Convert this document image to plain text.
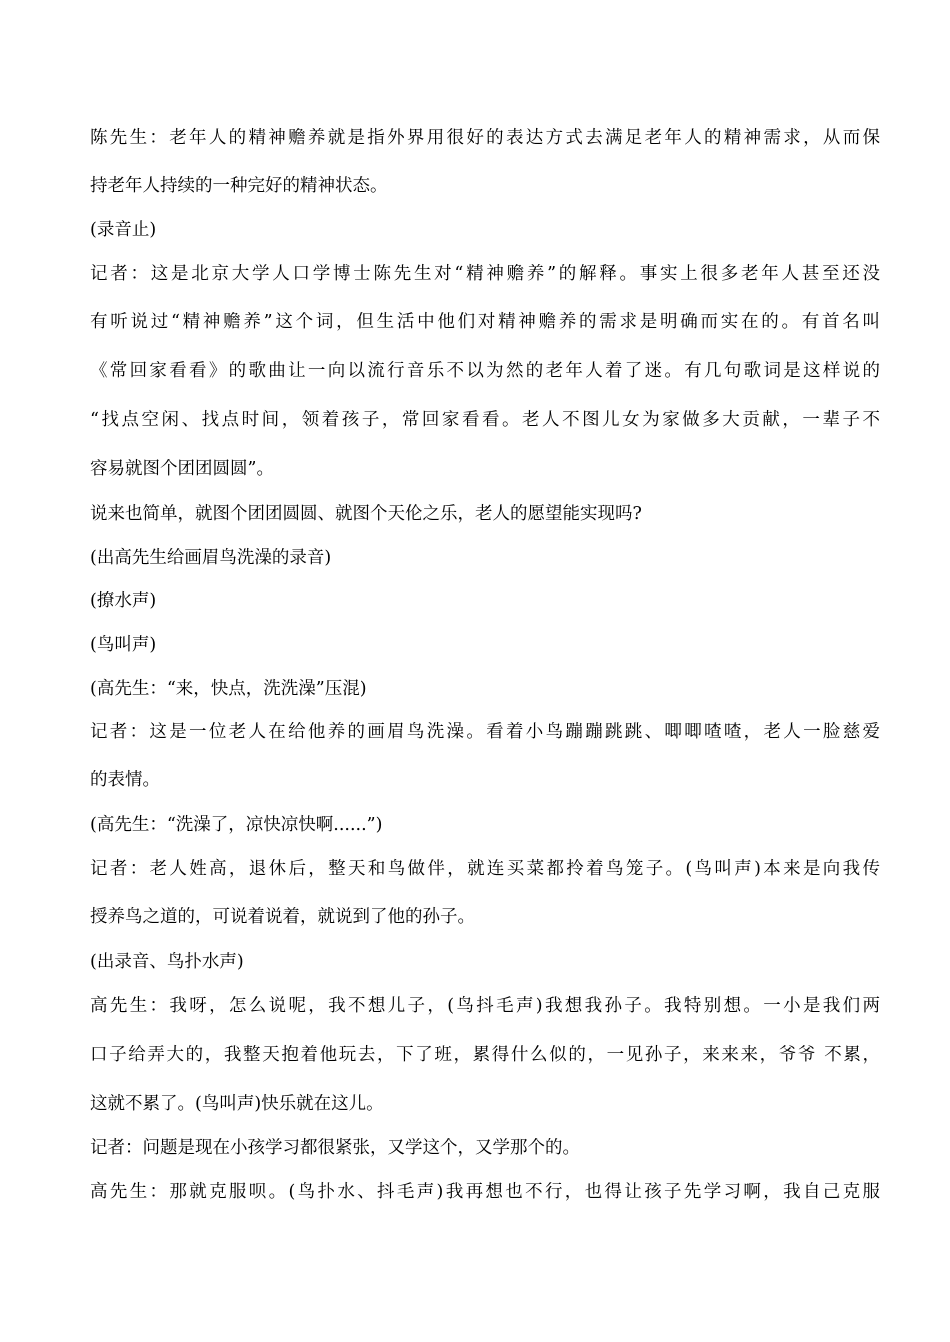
陈先生：老年人的精神赡养就是指外界用很好的表达方式去满足老年人的精神需求，从而保
持老年人持续的一种完好的精神状态。
(录音止)
记者：这是北京大学人口学博士陈先生对“精神赡养”的解释。事实上很多老年人甚至还没
有听说过“精神赡养”这个词，但生活中他们对精神赡养的需求是明确而实在的。有首名叫
《常回家看看》的歌曲让一向以流行音乐不以为然的老年人着了迷。有几句歌词是这样说的
“找点空闲、找点时间，领着孩子，常回家看看。老人不图儿女为家做多大贡献，一辈子不
容易就图个团团圆圆”。
说来也简单，就图个团团圆圆、就图个天伦之乐，老人的愿望能实现吗?
(出高先生给画眉鸟洗澡的录音)
(撩水声)
(鸟叫声)
(高先生：“来，快点，洗洗澡”压混)
记者：这是一位老人在给他养的画眉鸟洗澡。看着小鸟蹦蹦跳跳、唧唧喳喳，老人一脸慈爱
的表情。
(高先生：“洗澡了，凉快凉快啊......”)
记者：老人姓高，退休后，整天和鸟做伴，就连买菜都拎着鸟笼子。(鸟叫声)本来是向我传
授养鸟之道的，可说着说着，就说到了他的孙子。
(出录音、鸟扑水声)
高先生：我呀，怎么说呢，我不想儿子，(鸟抖毛声)我想我孙子。我特别想。一小是我们两
口子给弄大的，我整天抱着他玩去，下了班，累得什么似的，一见孙子，来来来，爷爷 不累，
这就不累了。(鸟叫声)快乐就在这儿。
记者：问题是现在小孩学习都很紧张，又学这个，又学那个的。
高先生：那就克服呗。(鸟扑水、抖毛声)我再想也不行，也得让孩子先学习啊，我自己克服
